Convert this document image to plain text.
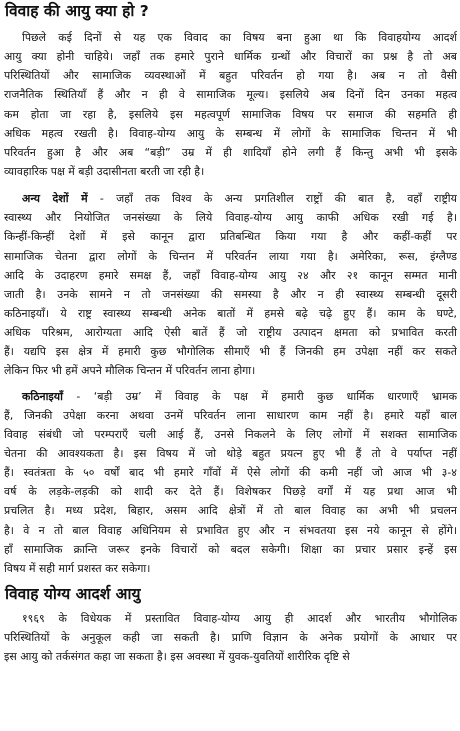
विवाह की आयु क्या हो ?
पिछले कई दिनों से यह एक विवाद का विषय बना हुआ था कि विवाहयोग्य आदर्श
आयु क्या होनी चाहिये। जहाँ तक हमारे पुराने धार्मिक ग्रन्थों और विचारों का प्रश्न है तो अब
परिस्थितियों और सामाजिक व्यवस्थाओं में बहुत परिवर्तन हो गया है। अब न तो वैसी
राजनैतिक स्थितियाँ हैं और न ही वे सामाजिक मूल्य। इसलिये अब दिनों दिन उनका महत्व
कम होता जा रहा है, इसलिये इस महत्वपूर्ण सामाजिक विषय पर समाज की सहमति ही
अधिक महत्व रखती है। विवाह-योग्य आयु के सम्बन्ध में लोगों के सामाजिक चिन्तन में भी
परिवर्तन हुआ है और अब “बड़ी” उम्र में ही शादियाँ होने लगी हैं किन्तु अभी भी इसके
व्यावहारिक पक्ष में बड़ी उदासीनता बरती जा रही है।
अन्य देशों में - जहाँ तक विश्व के अन्य प्रगतिशील राष्ट्रों की बात है, वहाँ राष्ट्रीय
स्वास्थ्य और नियोजित जनसंख्या के लिये विवाह-योग्य आयु काफी अधिक रखी गई है।
किन्हीं-किन्हीं देशों में इसे कानून द्वारा प्रतिबन्धित किया गया है और कहीं-कहीं पर
सामाजिक चेतना द्वारा लोगों के चिन्तन में परिवर्तन लाया गया है। अमेरिका, रूस, इंग्लैण्ड
आदि के उदाहरण हमारे समक्ष हैं, जहाँ विवाह-योग्य आयु २४ और २१ कानून सम्मत मानी
जाती है। उनके सामने न तो जनसंख्या की समस्या है और न ही स्वास्थ्य सम्बन्धी दूसरी
कठिनाइयाँ। ये राष्ट्र स्वास्थ्य सम्बन्धी अनेक बातों में हमसे बढ़े चढ़े हुए हैं। काम के घण्टे,
अधिक परिश्रम, आरोग्यता आदि ऐसी बातें हैं जो राष्ट्रीय उत्पादन क्षमता को प्रभावित करती
हैं। यद्यपि इस क्षेत्र में हमारी कुछ भौगोलिक सीमाएँ भी हैं जिनकी हम उपेक्षा नहीं कर सकते
लेकिन फिर भी हमें अपने मौलिक चिन्तन में परिवर्तन लाना होगा।
कठिनाइयाँ - ‘बड़ी उम्र’ में विवाह के पक्ष में हमारी कुछ धार्मिक धारणाएँ भ्रामक
हैं, जिनकी उपेक्षा करना अथवा उनमें परिवर्तन लाना साधारण काम नहीं है। हमारे यहाँ बाल
विवाह संबंधी जो परम्पराएँ चली आई हैं, उनसे निकलने के लिए लोगों में सशक्त सामाजिक
चेतना की आवश्यकता है। इस विषय में जो थोड़े बहुत प्रयत्न हुए भी हैं तो वे पर्याप्त नहीं
हैं। स्वतंत्रता के ५० वर्षों बाद भी हमारे गाँवों में ऐसे लोगों की कमी नहीं जो आज भी ३-४
वर्ष के लड़के-लड़की को शादी कर देते हैं। विशेषकर पिछड़े वर्गों में यह प्रथा आज भी
प्रचलित है। मध्य प्रदेश, बिहार, असम आदि क्षेत्रों में तो बाल विवाह का अभी भी प्रचलन
है। वे न तो बाल विवाह अधिनियम से प्रभावित हुए और न संभवतया इस नये कानून से होंगे।
हाँ सामाजिक क्रान्ति जरूर इनके विचारों को बदल सकेगी। शिक्षा का प्रचार प्रसार इन्हें इस
विषय में सही मार्ग प्रशस्त कर सकेगा।
विवाह योग्य आदर्श आयु
१९६९ के विधेयक में प्रस्तावित विवाह-योग्य आयु ही आदर्श और भारतीय भौगोलिक
परिस्थितियों के अनुकूल कही जा सकती है। प्राणि विज्ञान के अनेक प्रयोगों के आधार पर
इस आयु को तर्कसंगत कहा जा सकता है। इस अवस्था में युवक-युवतियों शारीरिक दृष्टि से
